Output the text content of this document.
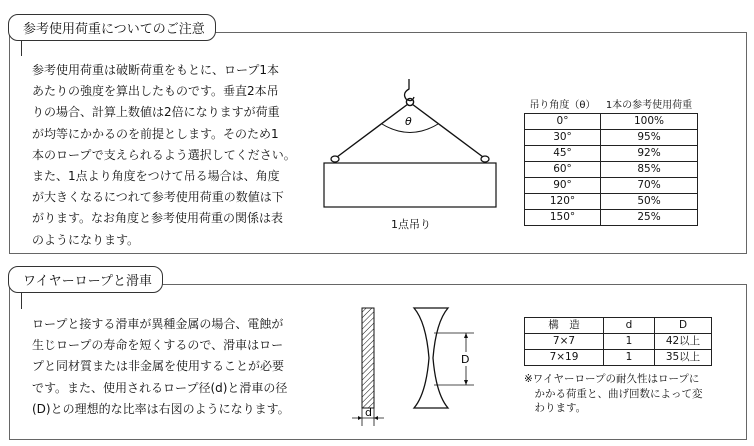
参考使用荷重についてのご注意
参考使用荷重は破断荷重をもとに、ロープ1本
あたりの強度を算出したものです。垂直2本吊
りの場合、計算上数値は2倍になりますが荷重
が均等にかかるのを前提とします。そのため1
本のロープで支えられるよう選択してください。
また、1点より角度をつけて吊る場合は、角度
が大きくなるにつれて参考使用荷重の数値は下
がります。なお角度と参考使用荷重の関係は表
のようになります。
θ
1点吊り
吊り角度（θ）	1本の参考使用荷重
0°	100%
30°	95%
45°	92%
60°	85%
90°	70%
120°	50%
150°	25%
ワイヤーロープと滑車
ロープと接する滑車が異種金属の場合、電蝕が
生じロープの寿命を短くするので、滑車はロー
プと同材質または非金属を使用することが必要
です。また、使用されるロープ径(d)と滑車の径
(D)との理想的な比率は右図のようになります。	d
D
構　造	d	D
7×7	1	42以上
7×19	1	35以上
※ワイヤーロープの耐久性はロープに
　かかる荷重と、曲げ回数によって変
　わります。
